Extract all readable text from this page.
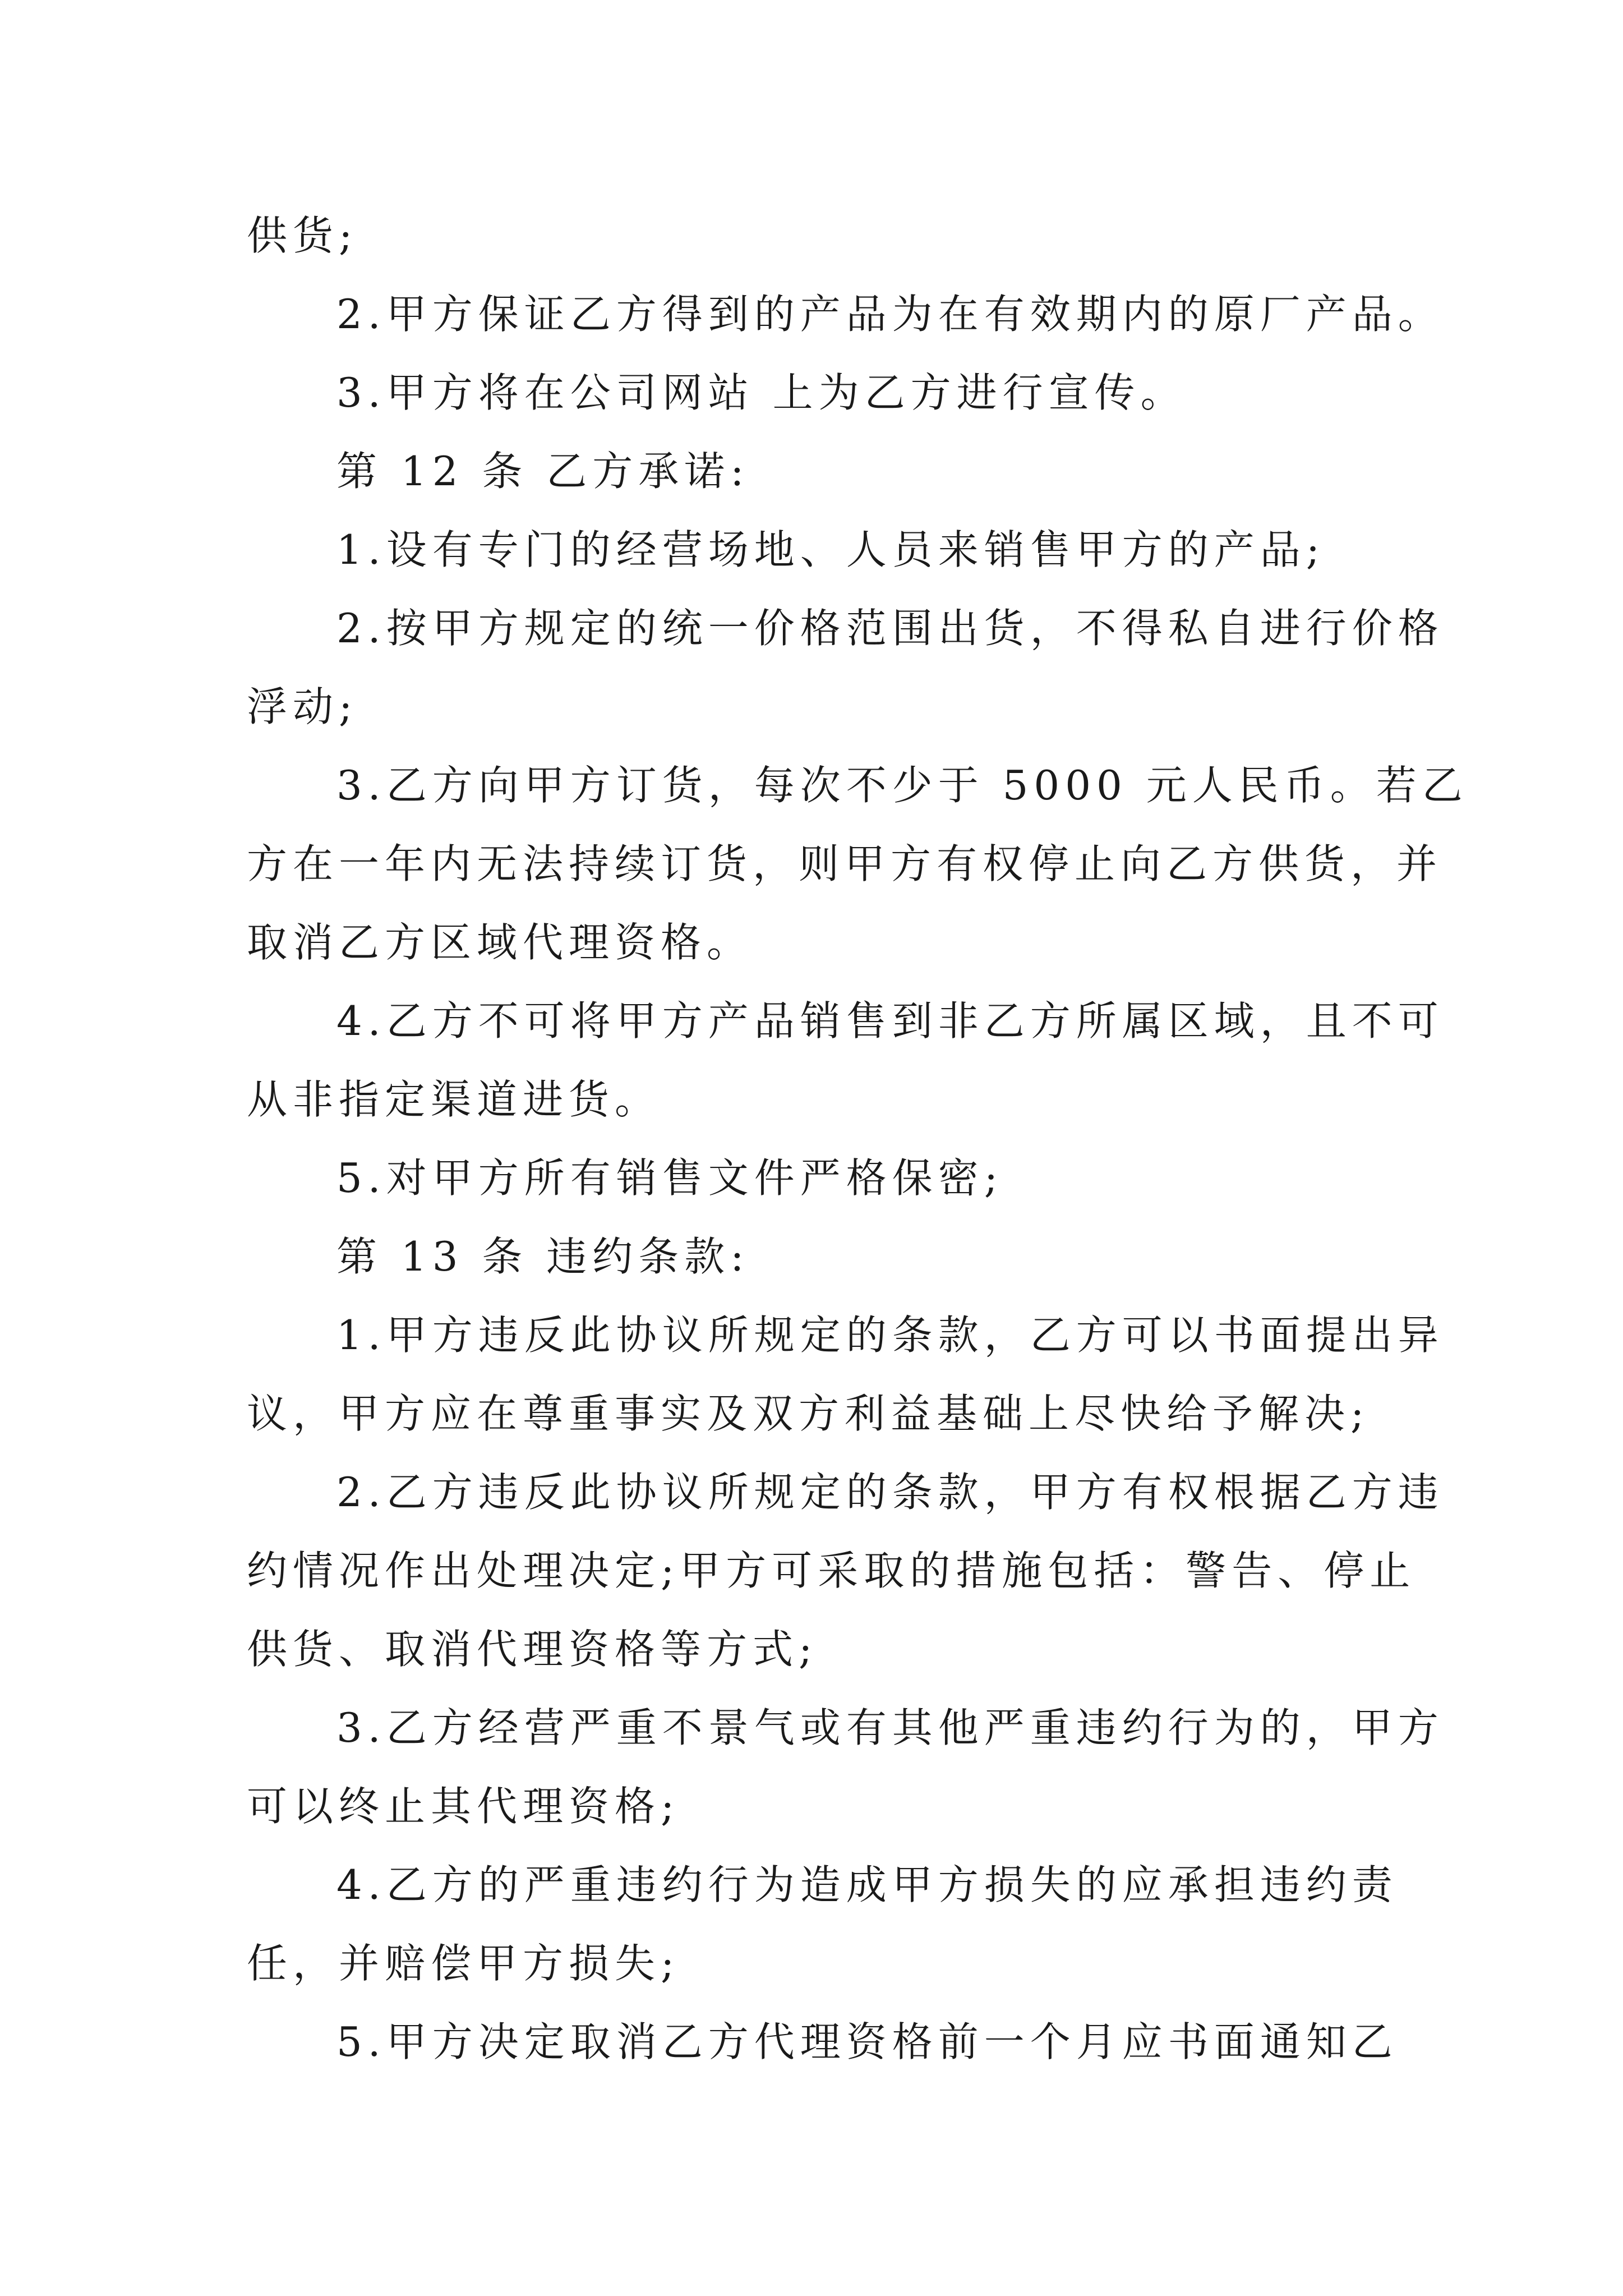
供货;

2.甲方保证乙方得到的产品为在有效期内的原厂产品。

3.甲方将在公司网站 上为乙方进行宣传。

第 12 条 乙方承诺:

1.设有专门的经营场地、人员来销售甲方的产品;

2.按甲方规定的统一价格范围出货，不得私自进行价格

浮动;

3.乙方向甲方订货，每次不少于 5000 元人民币。若乙

方在一年内无法持续订货，则甲方有权停止向乙方供货，并

取消乙方区域代理资格。

4.乙方不可将甲方产品销售到非乙方所属区域，且不可

从非指定渠道进货。

5.对甲方所有销售文件严格保密;

第 13 条 违约条款:

1.甲方违反此协议所规定的条款，乙方可以书面提出异

议，甲方应在尊重事实及双方利益基础上尽快给予解决;

2.乙方违反此协议所规定的条款，甲方有权根据乙方违

约情况作出处理决定;甲方可采取的措施包括：警告、停止

供货、取消代理资格等方式;

3.乙方经营严重不景气或有其他严重违约行为的，甲方

可以终止其代理资格;

4.乙方的严重违约行为造成甲方损失的应承担违约责

任，并赔偿甲方损失;

5.甲方决定取消乙方代理资格前一个月应书面通知乙
